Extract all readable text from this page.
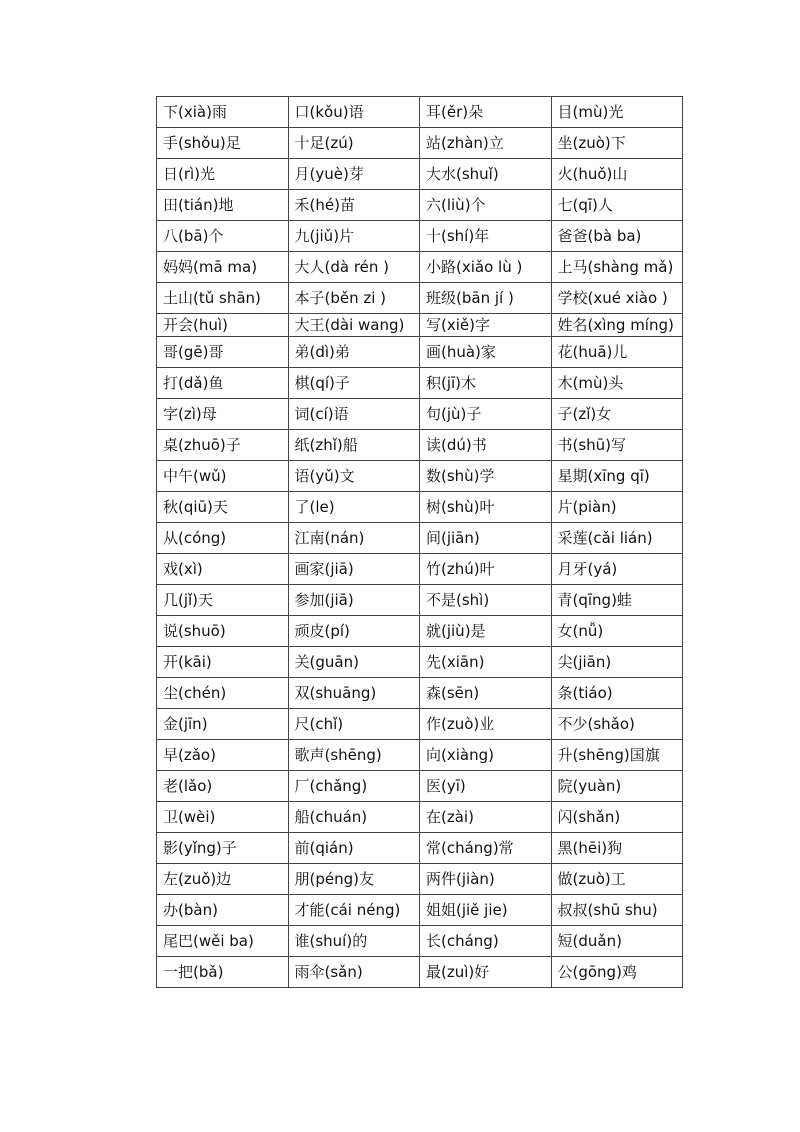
下(xià)雨	口(kǒu)语	耳(ěr)朵	目(mù)光
手(shǒu)足	十足(zú)	站(zhàn)立	坐(zuò)下
日(rì)光	月(yuè)芽	大水(shuǐ)	火(huǒ)山
田(tián)地	禾(hé)苗	六(liù)个	七(qī)人
八(bā)个	九(jiǔ)片	十(shí)年	爸爸(bà ba)
妈妈(mā ma)	大人(dà rén )	小路(xiǎo lù )	上马(shàng mǎ)
土山(tǔ shān)	本子(běn zi )	班级(bān jí )	学校(xué xiào )
开会(huì)	大王(dài wang)	写(xiě)字	姓名(xìng míng)
哥(gē)哥	弟(dì)弟	画(huà)家	花(huā)儿
打(dǎ)鱼	棋(qí)子	积(jī)木	木(mù)头
字(zì)母	词(cí)语	句(jù)子	子(zǐ)女
桌(zhuō)子	纸(zhǐ)船	读(dú)书	书(shū)写
中午(wǔ)	语(yǔ)文	数(shù)学	星期(xīng qī)
秋(qiū)天	了(le)	树(shù)叶	片(piàn)
从(cóng)	江南(nán)	间(jiān)	采莲(cǎi lián)
戏(xì)	画家(jiā)	竹(zhú)叶	月牙(yá)
几(jǐ)天	参加(jiā)	不是(shì)	青(qīng)蛙
说(shuō)	顽皮(pí)	就(jiù)是	女(nǚ)
开(kāi)	关(guān)	先(xiān)	尖(jiān)
尘(chén)	双(shuāng)	森(sēn)	条(tiáo)
金(jīn)	尺(chǐ)	作(zuò)业	不少(shǎo)
早(zǎo)	歌声(shēng)	向(xiàng)	升(shēng)国旗
老(lǎo)	厂(chǎng)	医(yī)	院(yuàn)
卫(wèi)	船(chuán)	在(zài)	闪(shǎn)
影(yǐng)子	前(qián)	常(cháng)常	黑(hēi)狗
左(zuǒ)边	朋(péng)友	两件(jiàn)	做(zuò)工
办(bàn)	才能(cái néng)	姐姐(jiě jie)	叔叔(shū shu)
尾巴(wěi ba)	谁(shuí)的	长(cháng)	短(duǎn)
一把(bǎ)	雨伞(sǎn)	最(zuì)好	公(gōng)鸡
